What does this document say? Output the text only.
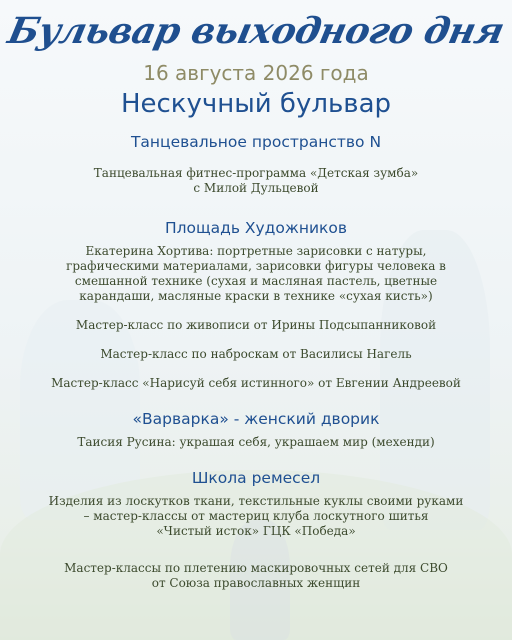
Бульвар выходного дня
16 августа 2026 года
Нескучный бульвар
Танцевальное пространство N
Танцевальная фитнес-программа «Детская зумба»
с Милой Дульцевой
Площадь Художников
Екатерина Хортива: портретные зарисовки с натуры,
графическими материалами, зарисовки фигуры человека в
смешанной технике (сухая и масляная пастель, цветные
карандаши, масляные краски в технике «сухая кисть»)
Мастер-класс по живописи от Ирины Подсыпанниковой
Мастер-класс по наброскам от Василисы Нагель
Мастер-класс «Нарисуй себя истинного» от Евгении Андреевой
«Варварка» - женский дворик
Таисия Русина: украшая себя, украшаем мир (мехенди)
Школа ремесел
Изделия из лоскутков ткани, текстильные куклы своими руками
– мастер-классы от мастериц клуба лоскутного шитья
«Чистый исток» ГЦК «Победа»
Мастер-классы по плетению маскировочных сетей для СВО
от Союза православных женщин
